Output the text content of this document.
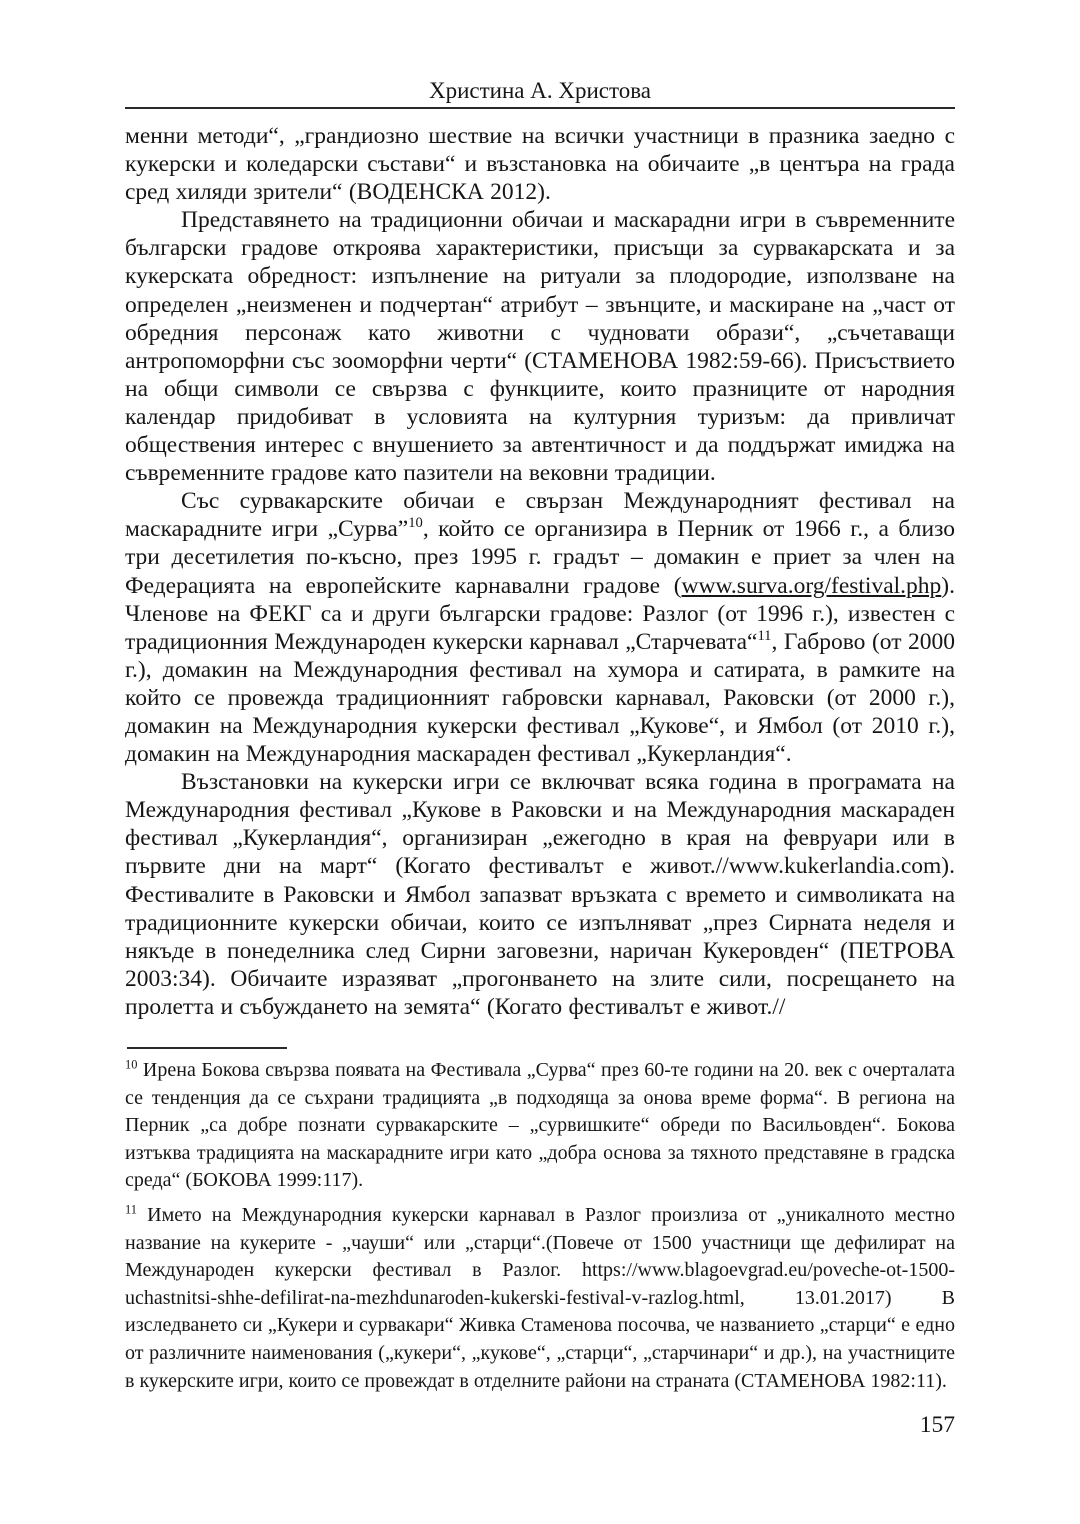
Христина А. Христова

менни методи“, „грандиозно шествие на всички участници в празника заедно с кукерски и коледарски състави“ и възстановка на обичаите „в центъра на града сред хиляди зрители“ (ВОДЕНСКА 2012).

Представянето на традиционни обичаи и маскарадни игри в съвременните български градове откроява характеристики, присъщи за сурвакарската и за кукерската обредност: изпълнение на ритуали за плодородие, използване на определен „неизменен и подчертан“ атрибут – звънците, и маскиране на „част от обредния персонаж като животни с чудновати образи“, „съчетаващи антропоморфни със зооморфни черти“ (СТАМЕНОВА 1982:59-66). Присъствието на общи символи се свързва с функциите, които празниците от народния календар придобиват в условията на културния туризъм: да привличат обществения интерес с внушението за автентичност и да поддържат имиджа на съвременните градове като пазители на вековни традиции.

Със сурвакарските обичаи е свързан Международният фестивал на маскарадните игри „Сурва”$^{10}$, който се организира в Перник от 1966 г., а близо три десетилетия по-късно, през 1995 г. градът – домакин е приет за член на Федерацията на европейските карнавални градове (www.surva.org/festival.php). Членове на ФЕКГ са и други български градове: Разлог (от 1996 г.), известен с традиционния Международен кукерски карнавал „Старчевата“$^{11}$, Габрово (от 2000 г.), домакин на Международния фестивал на хумора и сатирата, в рамките на който се провежда традиционният габровски карнавал, Раковски (от 2000 г.), домакин на Международния кукерски фестивал „Кукове“, и Ямбол (от 2010 г.), домакин на Международния маскараден фестивал „Кукерландия“.

Възстановки на кукерски игри се включват всяка година в програмата на Международния фестивал „Кукове в Раковски и на Международния маскараден фестивал „Кукерландия“, организиран „ежегодно в края на февруари или в първите дни на март“ (Когато фестивалът е живот.//www.kukerlandia.com). Фестивалите в Раковски и Ямбол запазват връзката с времето и символиката на традиционните кукерски обичаи, които се изпълняват „през Сирната неделя и някъде в понеделника след Сирни заговезни, наричан Кукеровден“ (ПЕТРОВА 2003:34). Обичаите изразяват „прогонването на злите сили, посрещането на пролетта и събуждането на земята“ (Когато фестивалът е живот.//

$^{10}$ Ирена Бокова свързва появата на Фестивала „Сурва“ през 60-те години на 20. век с очерталата се тенденция да се съхрани традицията „в подходяща за онова време форма“. В региона на Перник „са добре познати сурвакарските – „сурвишките“ обреди по Васильовден“. Бокова изтъква традицията на маскарадните игри като „добра основа за тяхното представяне в градска среда“ (БОКОВА 1999:117).

$^{11}$ Името на Международния кукерски карнавал в Разлог произлиза от „уникалното местно название на кукерите - „чауши“ или „старци“.(Повече от 1500 участници ще дефилират на Международен кукерски фестивал в Разлог. https://www.blagoevgrad.eu/poveche-ot-1500-uchastnitsi-shhe-defilirat-na-mezhdunaroden-kukerski-festival-v-razlog.html, 13.01.2017) В изследването си „Кукери и сурвакари“ Живка Стаменова посочва, че названието „старци“ е едно от различните наименования („кукери“, „кукове“, „старци“, „старчинари“ и др.), на участниците в кукерските игри, които се провеждат в отделните райони на страната (СТАМЕНОВА 1982:11).

157
